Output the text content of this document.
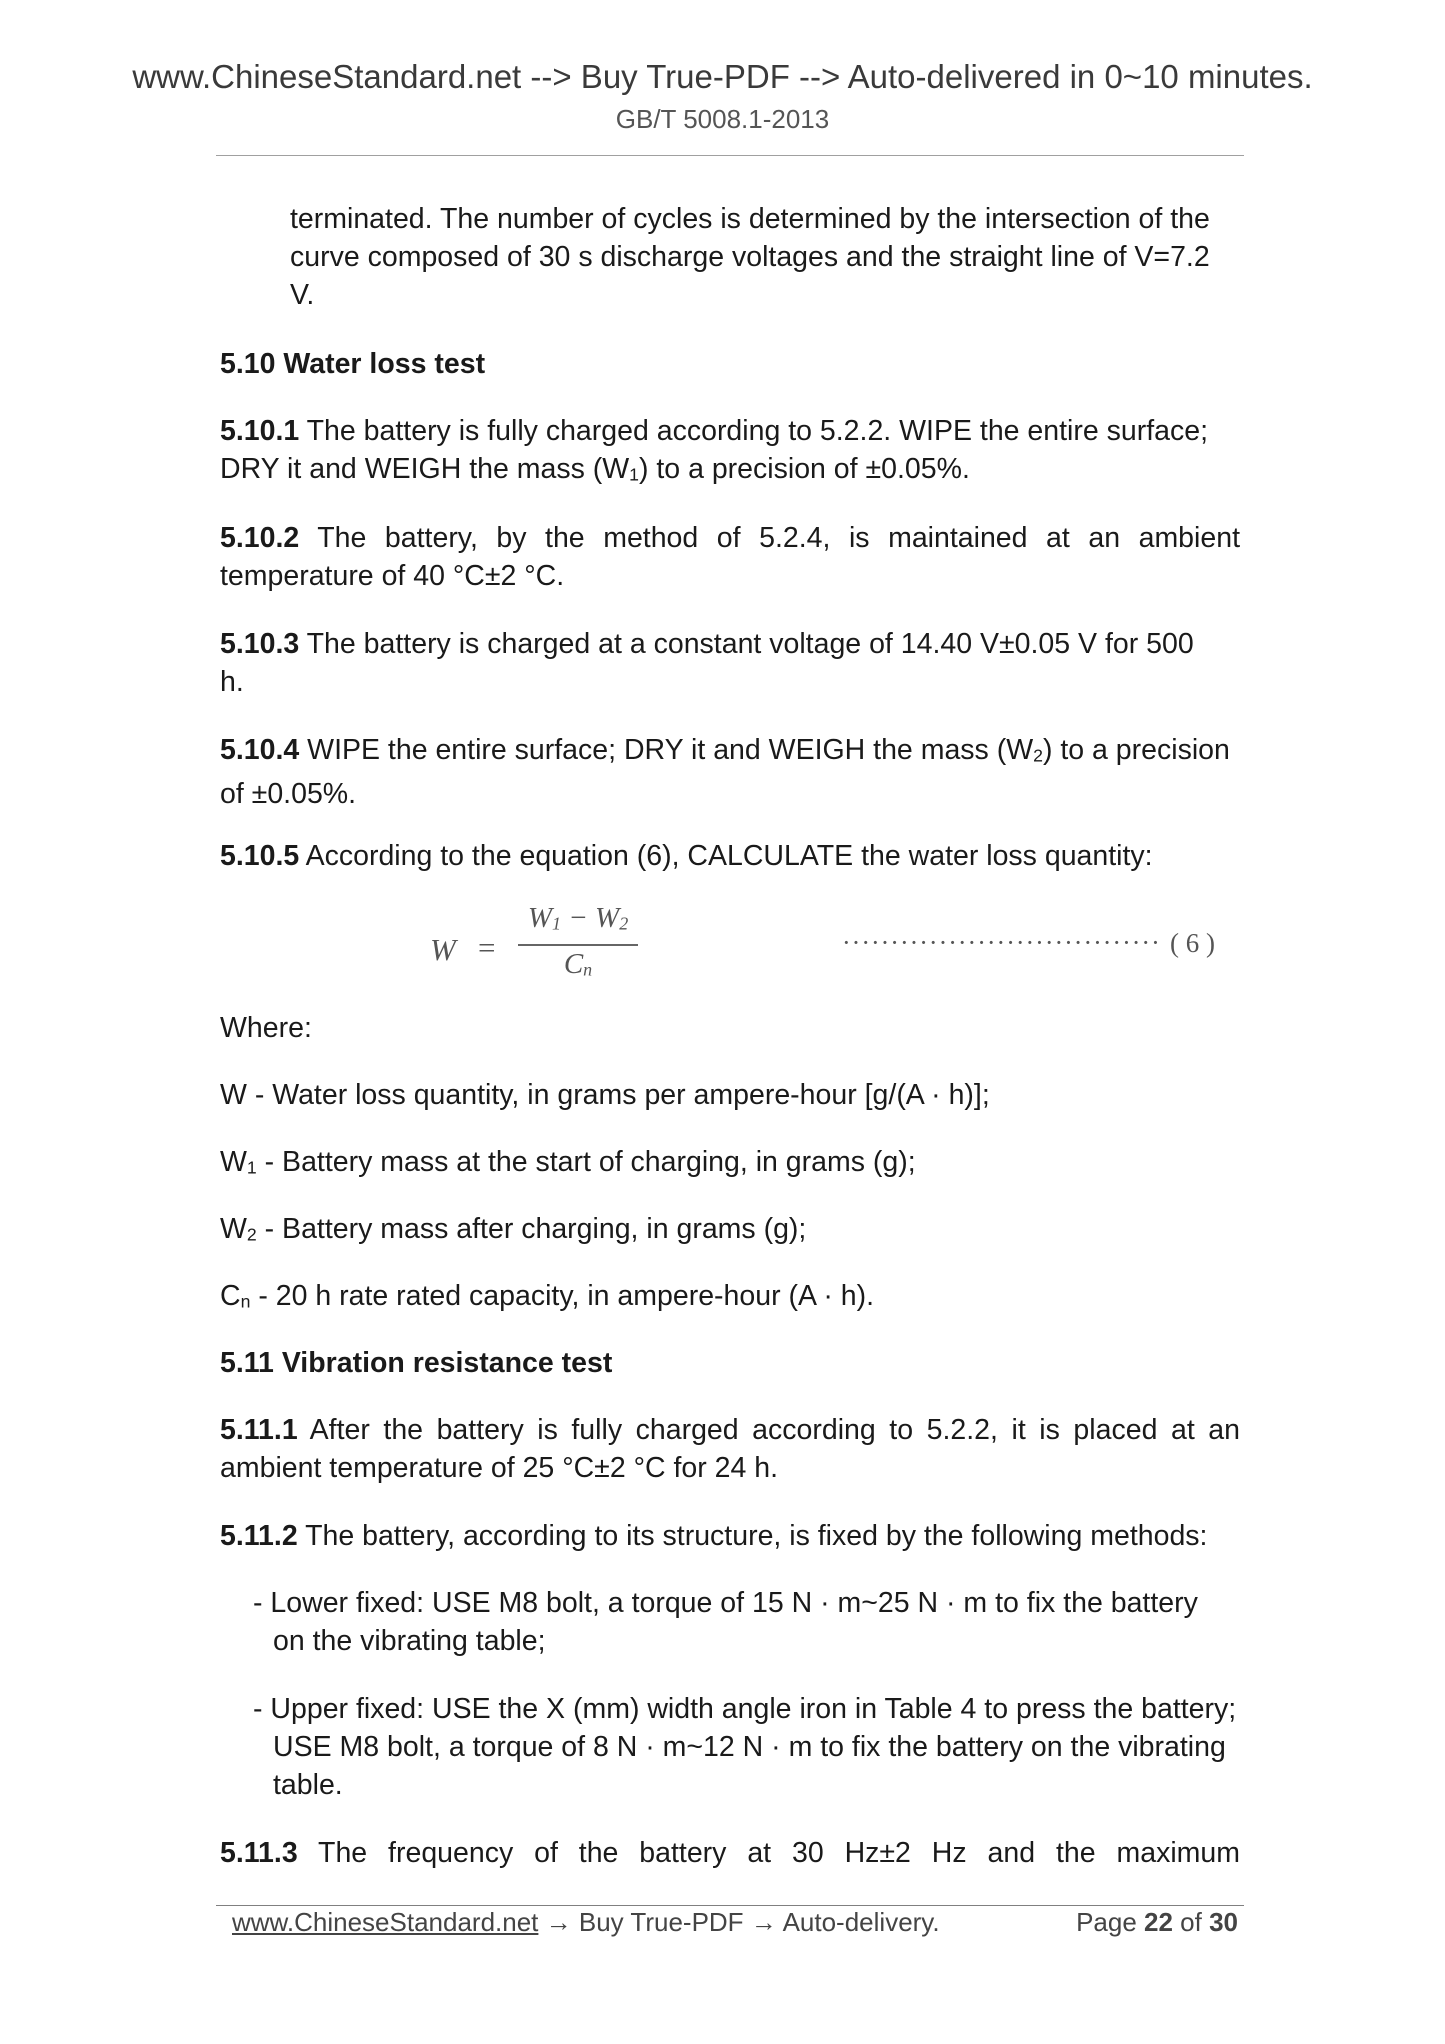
www.ChineseStandard.net --> Buy True-PDF --> Auto-delivered in 0~10 minutes.
GB/T 5008.1-2013
terminated. The number of cycles is determined by the intersection of the
curve composed of 30 s discharge voltages and the straight line of V=7.2
V.
5.10 Water loss test
5.10.1 The battery is fully charged according to 5.2.2. WIPE the entire surface;
DRY it and WEIGH the mass $(W_1)$ to a precision of ±0.05%.
5.10.2 The battery, by the method of 5.2.4, is maintained at an ambient
temperature of 40 °C±2 °C.
5.10.3 The battery is charged at a constant voltage of 14.40 V±0.05 V for 500
h.
5.10.4 WIPE the entire surface; DRY it and WEIGH the mass $(W_2)$ to a precision
of ±0.05%.
5.10.5 According to the equation (6), CALCULATE the water loss quantity:
W =
$W_1 - W_2$
$C_n$
································· ( 6 )
Where:
W - Water loss quantity, in grams per ampere-hour [g/(A · h)];
$W_1$ - Battery mass at the start of charging, in grams (g);
$W_2$ - Battery mass after charging, in grams (g);
$C_n - 20$ h rate rated capacity, in ampere-hour (A · h).
5.11 Vibration resistance test
5.11.1 After the battery is fully charged according to 5.2.2, it is placed at an
ambient temperature of 25 °C±2 °C for 24 h.
5.11.2 The battery, according to its structure, is fixed by the following methods:
- Lower fixed: USE M8 bolt, a torque of 15 N · m~25 N · m to fix the battery
on the vibrating table;
- Upper fixed: USE the X (mm) width angle iron in Table 4 to press the battery;
USE M8 bolt, a torque of 8 N · m~12 N · m to fix the battery on the vibrating
table.
5.11.3 The frequency of the battery at 30 Hz±2 Hz and the maximum
www.ChineseStandard.net → Buy True-PDF → Auto-delivery.	Page 22 of 30
